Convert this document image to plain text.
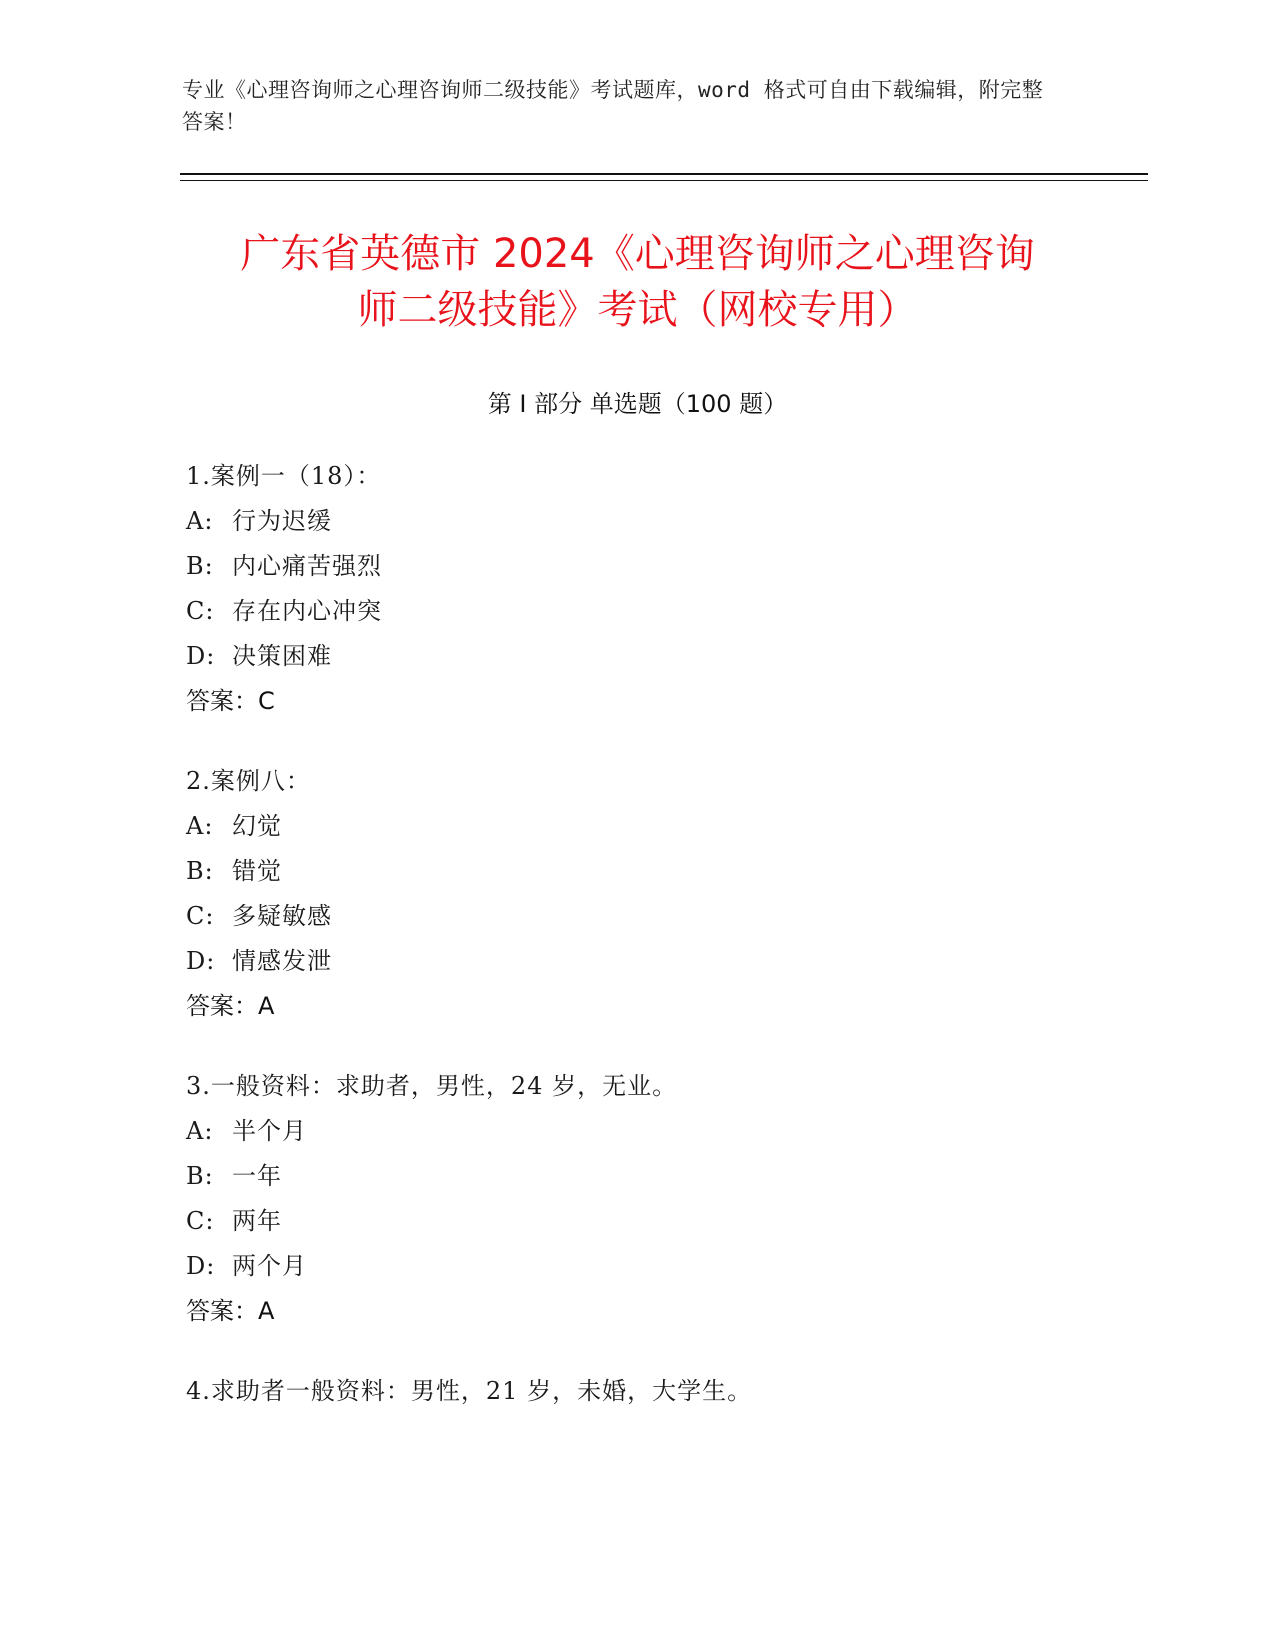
专业《心理咨询师之心理咨询师二级技能》考试题库，word 格式可自由下载编辑，附完整答案！
广东省英德市 2024《心理咨询师之心理咨询
师二级技能》考试（网校专用）
第 I 部分 单选题（100 题）
1.案例一（18）：
A: 行为迟缓
B: 内心痛苦强烈
C: 存在内心冲突
D: 决策困难
答案：C
2.案例八：
A: 幻觉
B: 错觉
C: 多疑敏感
D: 情感发泄
答案：A
3.一般资料：求助者，男性，24 岁，无业。
A: 半个月
B: 一年
C: 两年
D: 两个月
答案：A
4.求助者一般资料：男性，21 岁，未婚，大学生。
